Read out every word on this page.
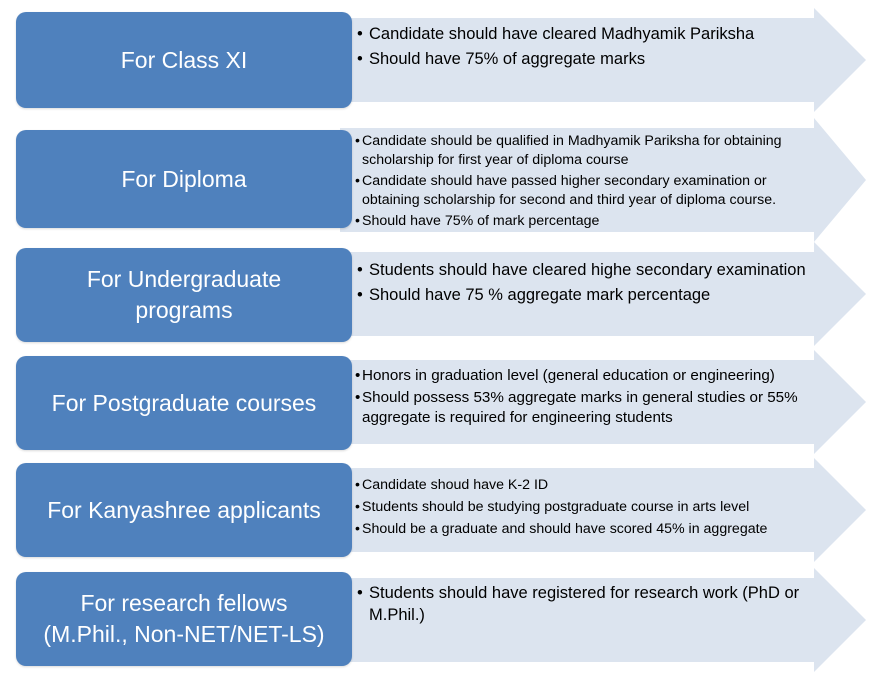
For Class XI
• Candidate should have cleared Madhyamik Pariksha
• Should have 75% of aggregate marks
For Diploma
• Candidate should be qualified in Madhyamik Pariksha for obtaining scholarship for first year of diploma course
• Candidate should have passed higher secondary examination or obtaining scholarship for second and third year of diploma course.
• Should have 75% of mark percentage
For Undergraduate
programs
• Students should have cleared highe secondary examination
• Should have 75 % aggregate mark percentage
For Postgraduate courses
• Honors in graduation level (general education or engineering)
• Should possess 53% aggregate marks in general studies or 55% aggregate is required for engineering students
For Kanyashree applicants
• Candidate shoud have K-2 ID
• Students should be studying postgraduate course in arts level
• Should be a graduate and should have scored 45% in aggregate
For research fellows
(M.Phil., Non-NET/NET-LS)
• Students should have registered for research work (PhD or M.Phil.)
